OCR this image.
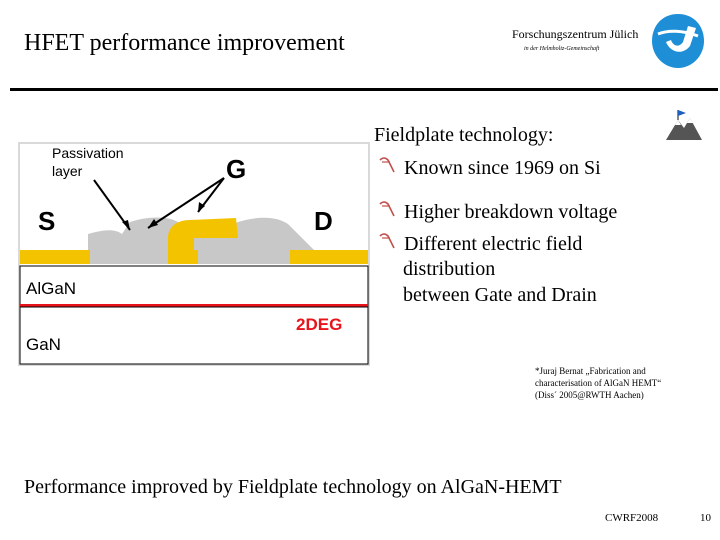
HFET performance improvement	Forschungszentrum Jülich
in der Helmholtz-Gemeinschaft
Passivation
layer	G
S	D
AlGaN
2DEG
GaN
Fieldplate technology:
Known since 1969 on Si
Higher breakdown voltage
Different electric field
distribution
between Gate and Drain
*Juraj Bernat „Fabrication and
characterisation of AlGaN HEMT“
(Diss´ 2005@RWTH Aachen)
Performance improved by Fieldplate technology on AlGaN-HEMT
CWRF2008	10
